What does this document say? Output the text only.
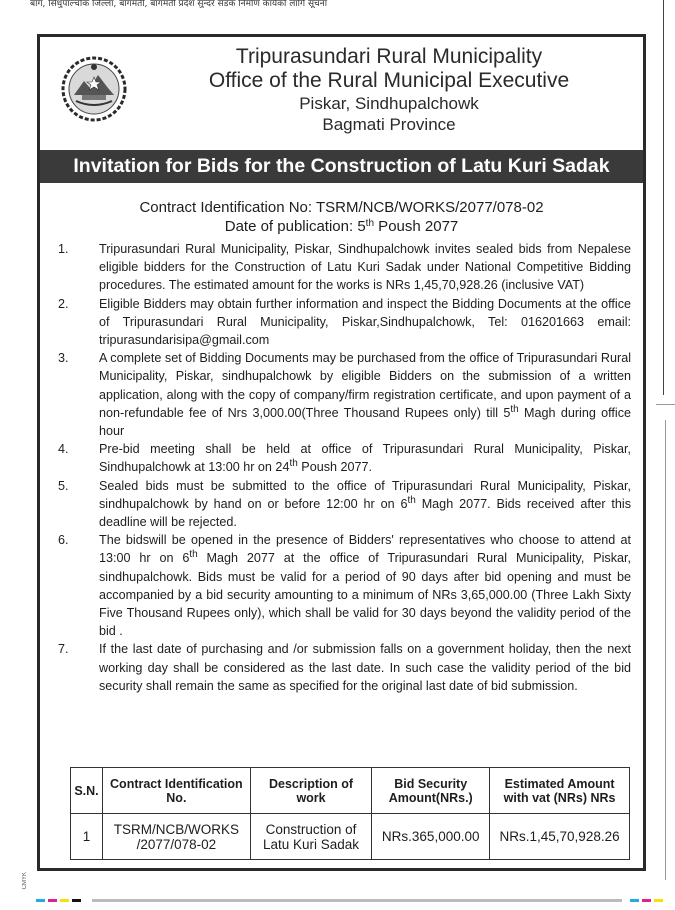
बाग, सिंधुपाल्चोक जिल्ला, बागमती, बागमती प्रदेश सुन्दर सडक निर्माण कार्यको लागि सूचना
Tripurasundari Rural Municipality
Office of the Rural Municipal Executive
Piskar, Sindhupalchowk
Bagmati Province
Invitation for Bids for the Construction of Latu Kuri Sadak
Contract Identification No: TSRM/NCB/WORKS/2077/078-02
Date of publication: 5th Poush 2077
1. Tripurasundari Rural Municipality, Piskar, Sindhupalchowk invites sealed bids from Nepalese eligible bidders for the Construction of Latu Kuri Sadak under National Competitive Bidding procedures. The estimated amount for the works is NRs 1,45,70,928.26 (inclusive VAT)
2. Eligible Bidders may obtain further information and inspect the Bidding Documents at the office of Tripurasundari Rural Municipality, Piskar,Sindhupalchowk, Tel: 016201663 email: tripurasundarisipa@gmail.com
3. A complete set of Bidding Documents may be purchased from the office of Tripurasundari Rural Municipality, Piskar, sindhupalchowk by eligible Bidders on the submission of a written application, along with the copy of company/firm registration certificate, and upon payment of a non-refundable fee of Nrs 3,000.00(Three Thousand Rupees only) till 5th Magh during office hour
4. Pre-bid meeting shall be held at office of Tripurasundari Rural Municipality, Piskar, Sindhupalchowk at 13:00 hr on 24th Poush 2077.
5. Sealed bids must be submitted to the office of Tripurasundari Rural Municipality, Piskar, sindhupalchowk by hand on or before 12:00 hr on 6th Magh 2077. Bids received after this deadline will be rejected.
6. The bidswill be opened in the presence of Bidders' representatives who choose to attend at 13:00 hr on 6th Magh 2077 at the office of Tripurasundari Rural Municipality, Piskar, sindhupalchowk. Bids must be valid for a period of 90 days after bid opening and must be accompanied by a bid security amounting to a minimum of NRs 3,65,000.00 (Three Lakh Sixty Five Thousand Rupees only), which shall be valid for 30 days beyond the validity period of the bid .
7. If the last date of purchasing and /or submission falls on a government holiday, then the next working day shall be considered as the last date. In such case the validity period of the bid security shall remain the same as specified for the original last date of bid submission.
S.N.	Contract Identification No.	Description of work	Bid Security Amount(NRs.)	Estimated Amount with vat (NRs) NRs
1	TSRM/NCB/WORKS /2077/078-02	Construction of Latu Kuri Sadak	NRs.365,000.00	NRs.1,45,70,928.26
CMYK
